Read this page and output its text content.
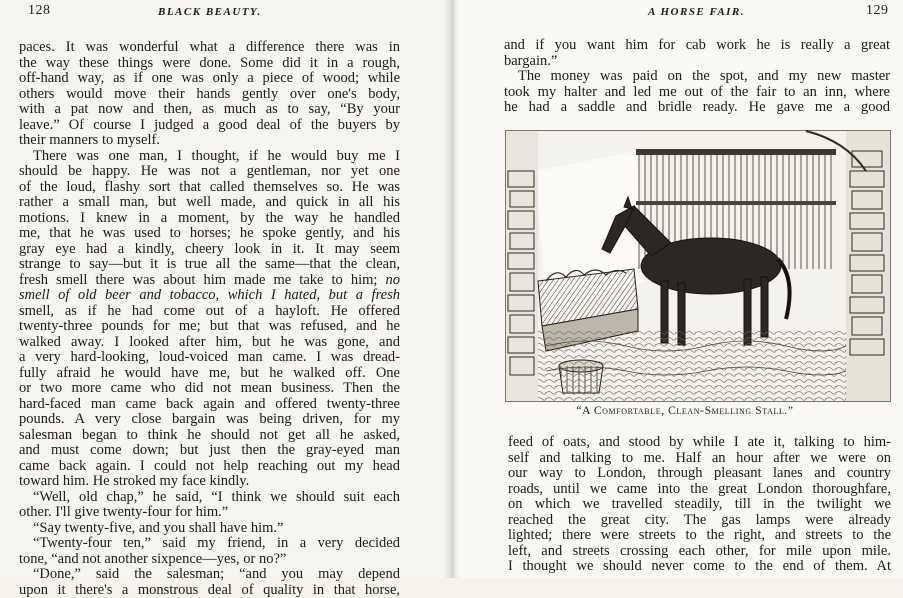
128	BLACK BEAUTY.
paces. It was wonderful what a difference there was in
the way these things were done. Some did it in a rough,
off-hand way, as if one was only a piece of wood; while
others would move their hands gently over one's body,
with a pat now and then, as much as to say, “By your
leave.” Of course I judged a good deal of the buyers by
their manners to myself.
There was one man, I thought, if he would buy me I
should be happy. He was not a gentleman, nor yet one
of the loud, flashy sort that called themselves so. He was
rather a small man, but well made, and quick in all his
motions. I knew in a moment, by the way he handled
me, that he was used to horses; he spoke gently, and his
gray eye had a kindly, cheery look in it. It may seem
strange to say—but it is true all the same—that the clean,
fresh smell there was about him made me take to him; no
smell of old beer and tobacco, which I hated, but a fresh
smell, as if he had come out of a hayloft. He offered
twenty-three pounds for me; but that was refused, and he
walked away. I looked after him, but he was gone, and
a very hard-looking, loud-voiced man came. I was dread-
fully afraid he would have me, but he walked off. One
or two more came who did not mean business. Then the
hard-faced man came back again and offered twenty-three
pounds. A very close bargain was being driven, for my
salesman began to think he should not get all he asked,
and must come down; but just then the gray-eyed man
came back again. I could not help reaching out my head
toward him. He stroked my face kindly.
“Well, old chap,” he said, “I think we should suit each
other. I'll give twenty-four for him.”
“Say twenty-five, and you shall have him.”
“Twenty-four ten,” said my friend, in a very decided
tone, “and not another sixpence—yes, or no?”
“Done,” said the salesman; “and you may depend
upon it there's a monstrous deal of quality in that horse,
A HORSE FAIR.	129
and if you want him for cab work he is really a great
bargain.”
The money was paid on the spot, and my new master
took my halter and led me out of the fair to an inn, where
he had a saddle and bridle ready. He gave me a good
feed of oats, and stood by while I ate it, talking to him-
self and talking to me. Half an hour after we were on
our way to London, through pleasant lanes and country
roads, until we came into the great London thoroughfare,
on which we travelled steadily, till in the twilight we
reached the great city. The gas lamps were already
lighted; there were streets to the right, and streets to the
left, and streets crossing each other, for mile upon mile.
I thought we should never come to the end of them. At
“A Comfortable, Clean-Smelling Stall.”
